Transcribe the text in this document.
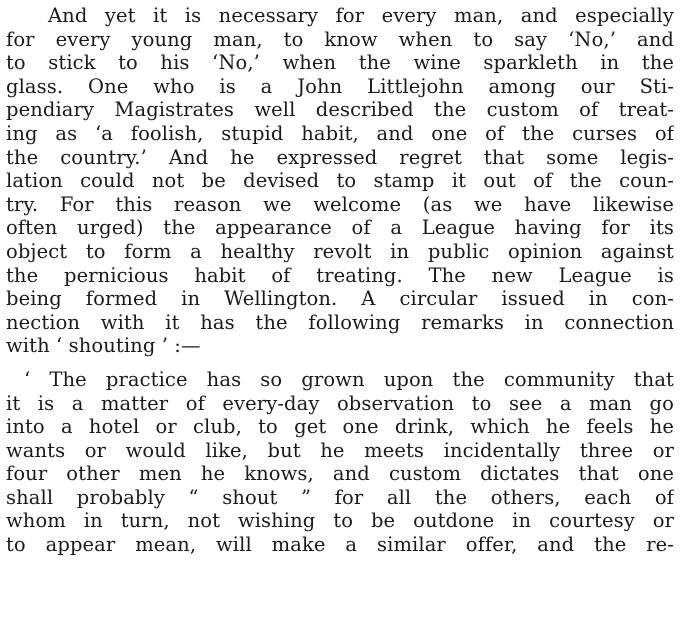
And yet it is necessary for every man, and especially
for every young man, to know when to say ‘No,’ and
to stick to his ‘No,’ when the wine sparkleth in the
glass. One who is a John Littlejohn among our Sti-
pendiary Magistrates well described the custom of treat-
ing as ‘a foolish, stupid habit, and one of the curses of
the country.’ And he expressed regret that some legis-
lation could not be devised to stamp it out of the coun-
try. For this reason we welcome (as we have likewise
often urged) the appearance of a League having for its
object to form a healthy revolt in public opinion against
the pernicious habit of treating. The new League is
being formed in Wellington. A circular issued in con-
nection with it has the following remarks in connection
with ‘ shouting ’ :—
‘ The practice has so grown upon the community that
it is a matter of every-day observation to see a man go
into a hotel or club, to get one drink, which he feels he
wants or would like, but he meets incidentally three or
four other men he knows, and custom dictates that one
shall probably “ shout ” for all the others, each of
whom in turn, not wishing to be outdone in courtesy or
to appear mean, will make a similar offer, and the re-
